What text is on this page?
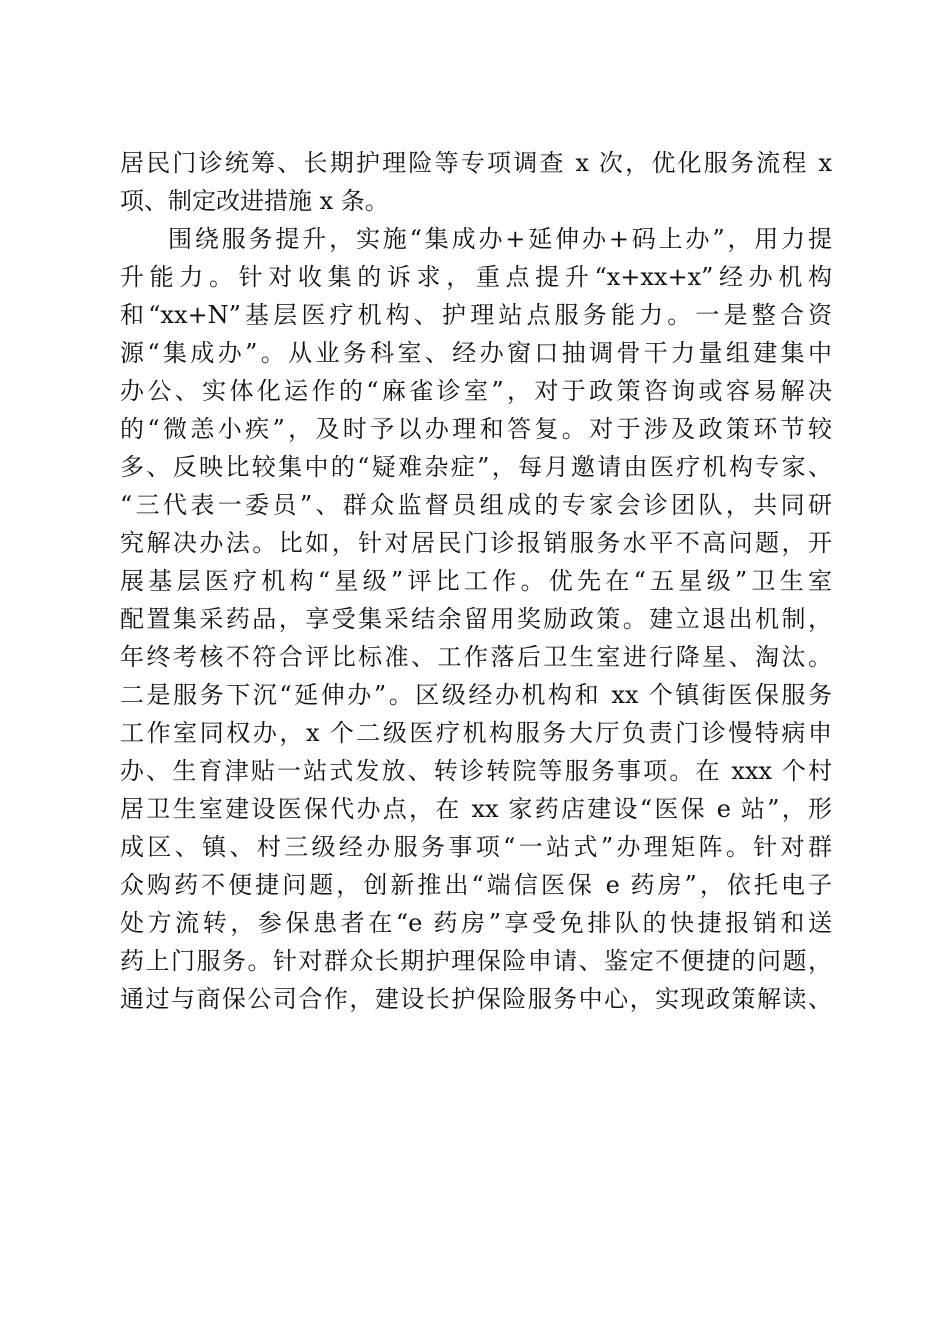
居民门诊统筹、长期护理险等专项调查 x 次，优化服务流程 x
项、制定改进措施 x 条。
围绕服务提升，实施“集成办+延伸办+码上办”，用力提
升能力。针对收集的诉求，重点提升“x+xx+x”经办机构
和“xx+N”基层医疗机构、护理站点服务能力。一是整合资
源“集成办”。从业务科室、经办窗口抽调骨干力量组建集中
办公、实体化运作的“麻雀诊室”，对于政策咨询或容易解决
的“微恙小疾”，及时予以办理和答复。对于涉及政策环节较
多、反映比较集中的“疑难杂症”，每月邀请由医疗机构专家、
“三代表一委员”、群众监督员组成的专家会诊团队，共同研
究解决办法。比如，针对居民门诊报销服务水平不高问题，开
展基层医疗机构“星级”评比工作。优先在“五星级”卫生室
配置集采药品，享受集采结余留用奖励政策。建立退出机制，
年终考核不符合评比标准、工作落后卫生室进行降星、淘汰。
二是服务下沉“延伸办”。区级经办机构和 xx 个镇街医保服务
工作室同权办，x 个二级医疗机构服务大厅负责门诊慢特病申
办、生育津贴一站式发放、转诊转院等服务事项。在 xxx 个村
居卫生室建设医保代办点，在 xx 家药店建设“医保 e 站”，形
成区、镇、村三级经办服务事项“一站式”办理矩阵。针对群
众购药不便捷问题，创新推出“端信医保 e 药房”，依托电子
处方流转，参保患者在“e 药房”享受免排队的快捷报销和送
药上门服务。针对群众长期护理保险申请、鉴定不便捷的问题，
通过与商保公司合作，建设长护保险服务中心，实现政策解读、
